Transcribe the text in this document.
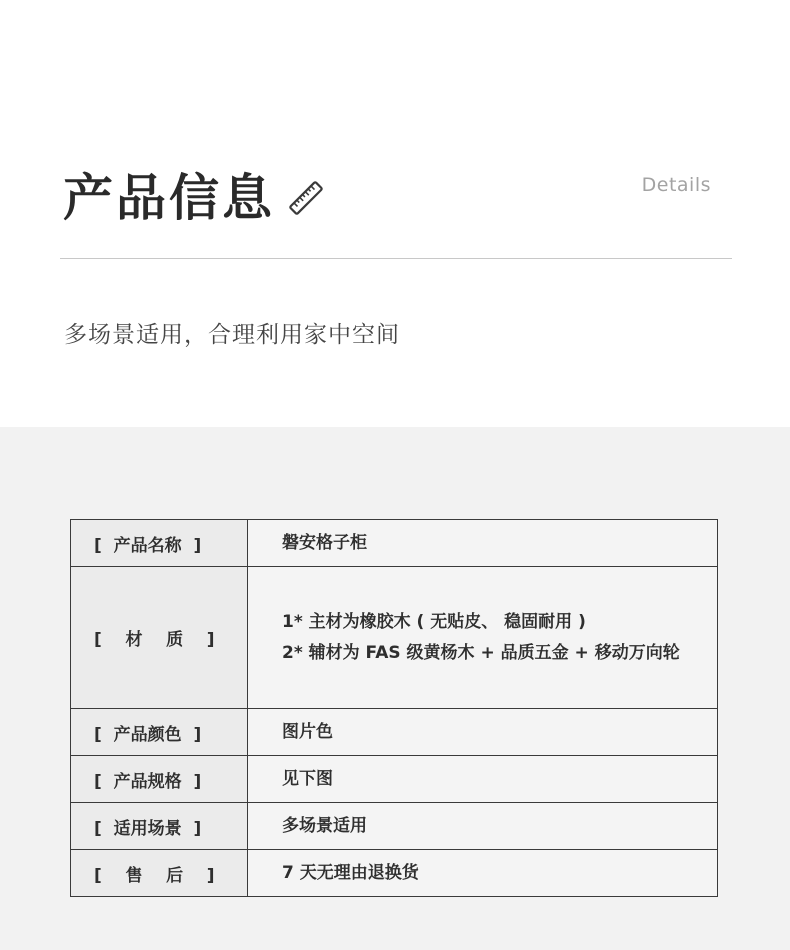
产品信息	Details
多场景适用，合理利用家中空间
[  产品名称  ]	磐安格子柜

[    材    质    ]	1* 主材为橡胶木 ( 无贴皮、 稳固耐用 )
2* 辅材为 FAS 级黄杨木 + 品质五金 + 移动万向轮

[  产品颜色  ]	图片色

[  产品规格  ]	见下图

[  适用场景  ]	多场景适用

[    售    后    ]	7 天无理由退换货
